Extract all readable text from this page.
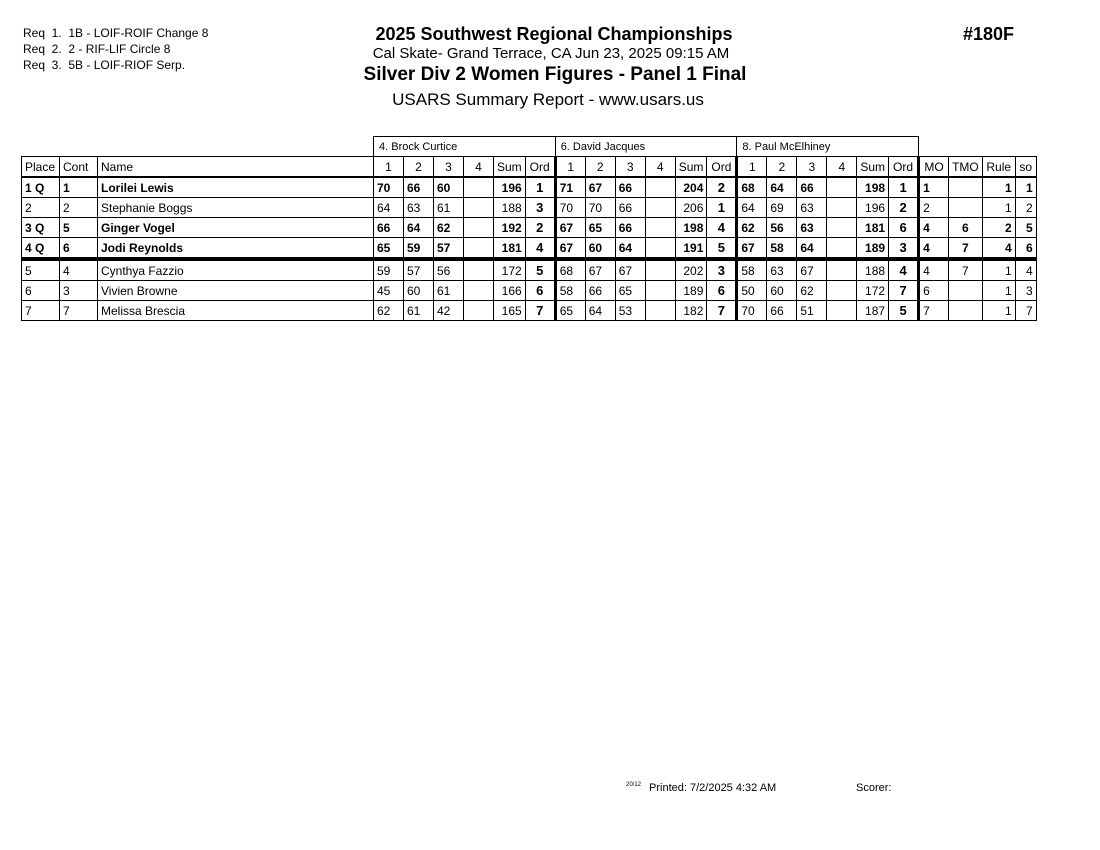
Req  1.  1B - LOIF-ROIF Change 8
Req  2.  2 - RIF-LIF Circle 8
Req  3.  5B - LOIF-RIOF Serp.
2025 Southwest Regional Championships
Cal Skate- Grand Terrace, CA Jun 23, 2025 09:15 AM
Silver Div 2 Women Figures - Panel 1 Final
USARS Summary Report - www.usars.us
#180F
			4. Brock Curtice						6. David Jacques						8. Paul McElhiney									
Place	Cont	Name	1	2	3	4	Sum	Ord	1	2	3	4	Sum	Ord	1	2	3	4	Sum	Ord	MO	TMO	Rule	so
1 Q	1	Lorilei Lewis	70	66	60		196	1	71	67	66		204	2	68	64	66		198	1	1		1	1
2	2	Stephanie Boggs	64	63	61		188	3	70	70	66		206	1	64	69	63		196	2	2		1	2
3 Q	5	Ginger Vogel	66	64	62		192	2	67	65	66		198	4	62	56	63		181	6	4	6	2	5
4 Q	6	Jodi Reynolds	65	59	57		181	4	67	60	64		191	5	67	58	64		189	3	4	7	4	6
5	4	Cynthya Fazzio	59	57	56		172	5	68	67	67		202	3	58	63	67		188	4	4	7	1	4
6	3	Vivien Browne	45	60	61		166	6	58	66	65		189	6	50	60	62		172	7	6		1	3
7	7	Melissa Brescia	62	61	42		165	7	65	64	53		182	7	70	66	51		187	5	7		1	7
$^{20/12}$ Printed: 7/2/2025 4:32 AM	Scorer:
